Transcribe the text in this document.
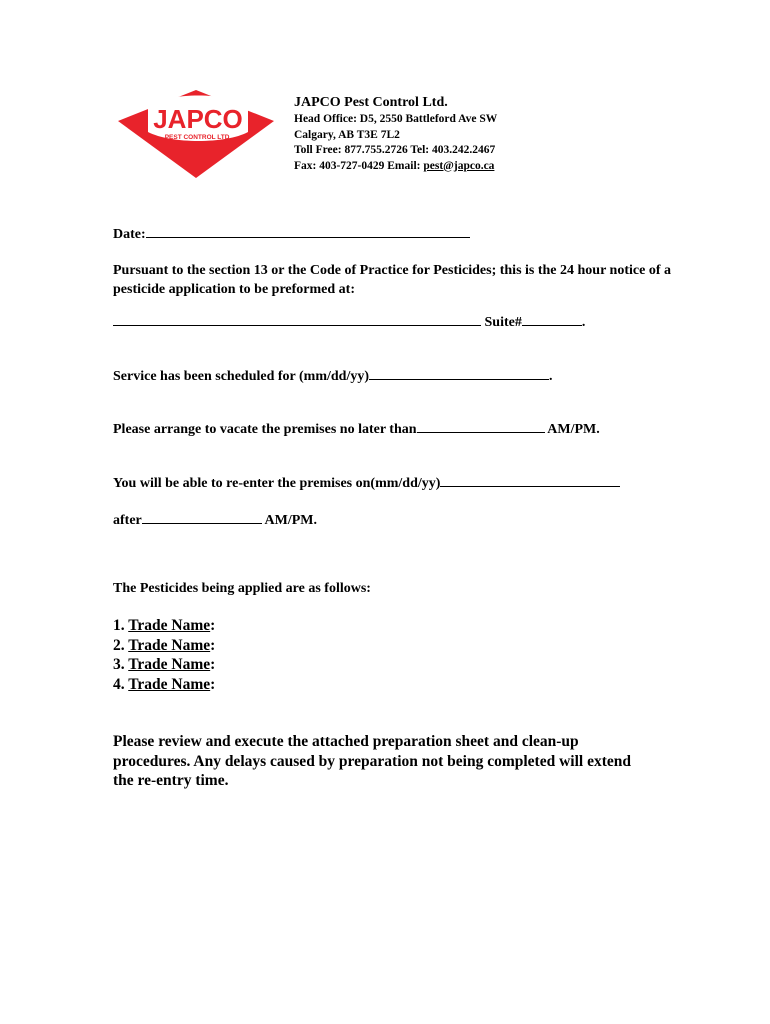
JAPCO
PEST CONTROL LTD.
JAPCO Pest Control Ltd.
Head Office: D5, 2550 Battleford Ave SW
Calgary, AB T3E 7L2
Toll Free: 877.755.2726 Tel: 403.242.2467
Fax: 403-727-0429 Email: pest@japco.ca
Date:
Pursuant to the section 13 or the Code of Practice for Pesticides; this is the 24 hour notice of a pesticide application to be preformed at:
Suite#	.
Service has been scheduled for (mm/dd/yy)	.
Please arrange to vacate the premises no later than	AM/PM.
You will be able to re-enter the premises on(mm/dd/yy)
after	AM/PM.
The Pesticides being applied are as follows:
1. Trade Name:
2. Trade Name:
3. Trade Name:
4. Trade Name:
Please review and execute the attached preparation sheet and clean-up procedures. Any delays caused by preparation not being completed will extend the re-entry time.
